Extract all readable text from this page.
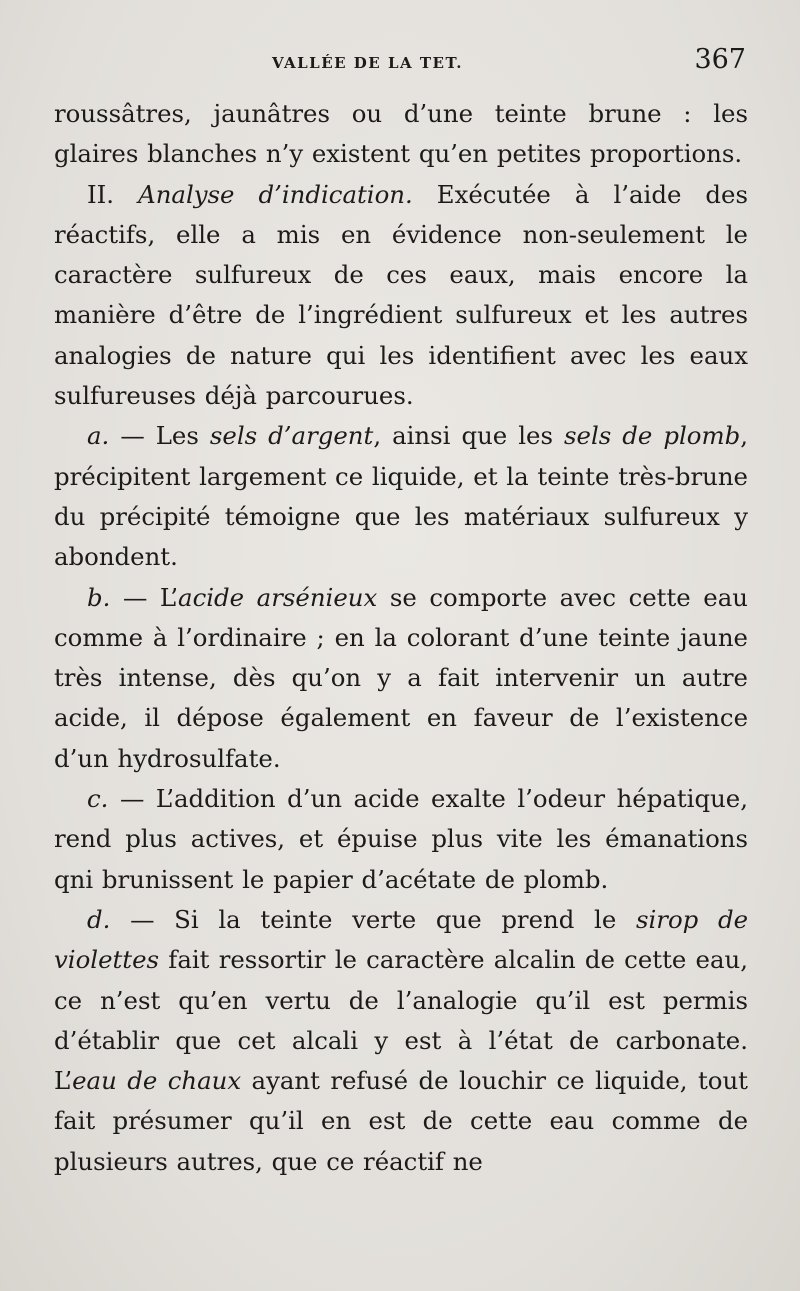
VALLÉE DE LA TET.	367

roussâtres, jaunâtres ou d’une teinte brune : les glaires blanches n’y existent qu’en petites proportions.

II. Analyse d’indication. Exécutée à l’aide des réactifs, elle a mis en évidence non-seulement le caractère sulfureux de ces eaux, mais encore la manière d’être de l’ingrédient sulfureux et les autres analogies de nature qui les identifient avec les eaux sulfureuses déjà parcourues.

a. — Les sels d’argent, ainsi que les sels de plomb, précipitent largement ce liquide, et la teinte très-brune du précipité témoigne que les matériaux sulfureux y abondent.

b. — L’acide arsénieux se comporte avec cette eau comme à l’ordinaire ; en la colorant d’une teinte jaune très intense, dès qu’on y a fait intervenir un autre acide, il dépose également en faveur de l’existence d’un hydrosulfate.

c. — L’addition d’un acide exalte l’odeur hépatique, rend plus actives, et épuise plus vite les émanations qni brunissent le papier d’acétate de plomb.

d. — Si la teinte verte que prend le sirop de violettes fait ressortir le caractère alcalin de cette eau, ce n’est qu’en vertu de l’analogie qu’il est permis d’établir que cet alcali y est à l’état de carbonate. L’eau de chaux ayant refusé de louchir ce liquide, tout fait présumer qu’il en est de cette eau comme de plusieurs autres, que ce réactif ne
